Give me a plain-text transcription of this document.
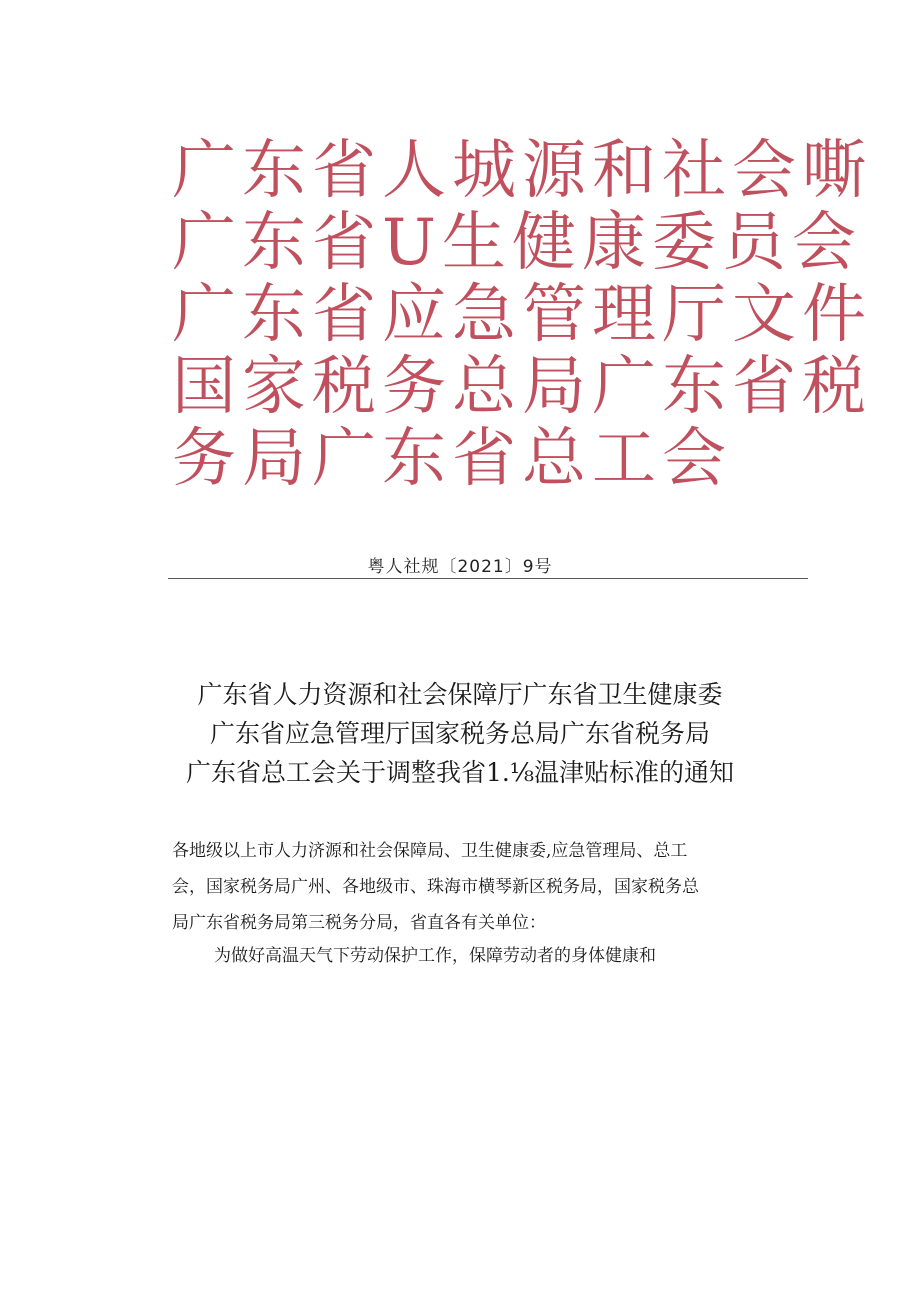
广东省人城源和社会嘶
广东省U生健康委员会
广东省应急管理厅文件
国家税务总局广东省税
务局广东省总工会
粤人社规〔2021〕9号
广东省人力资源和社会保障厅广东省卫生健康委
广东省应急管理厅国家税务总局广东省税务局
广东省总工会关于调整我省1.⅛温津贴标准的通知
各地级以上市人力济源和社会保障局、卫生健康委,应急管理局、总工
会，国家税务局广州、各地级市、珠海市横琴新区税务局，国家税务总
局广东省税务局第三税务分局，省直各有关单位：
为做好高温天气下劳动保护工作，保障劳动者的身体健康和
